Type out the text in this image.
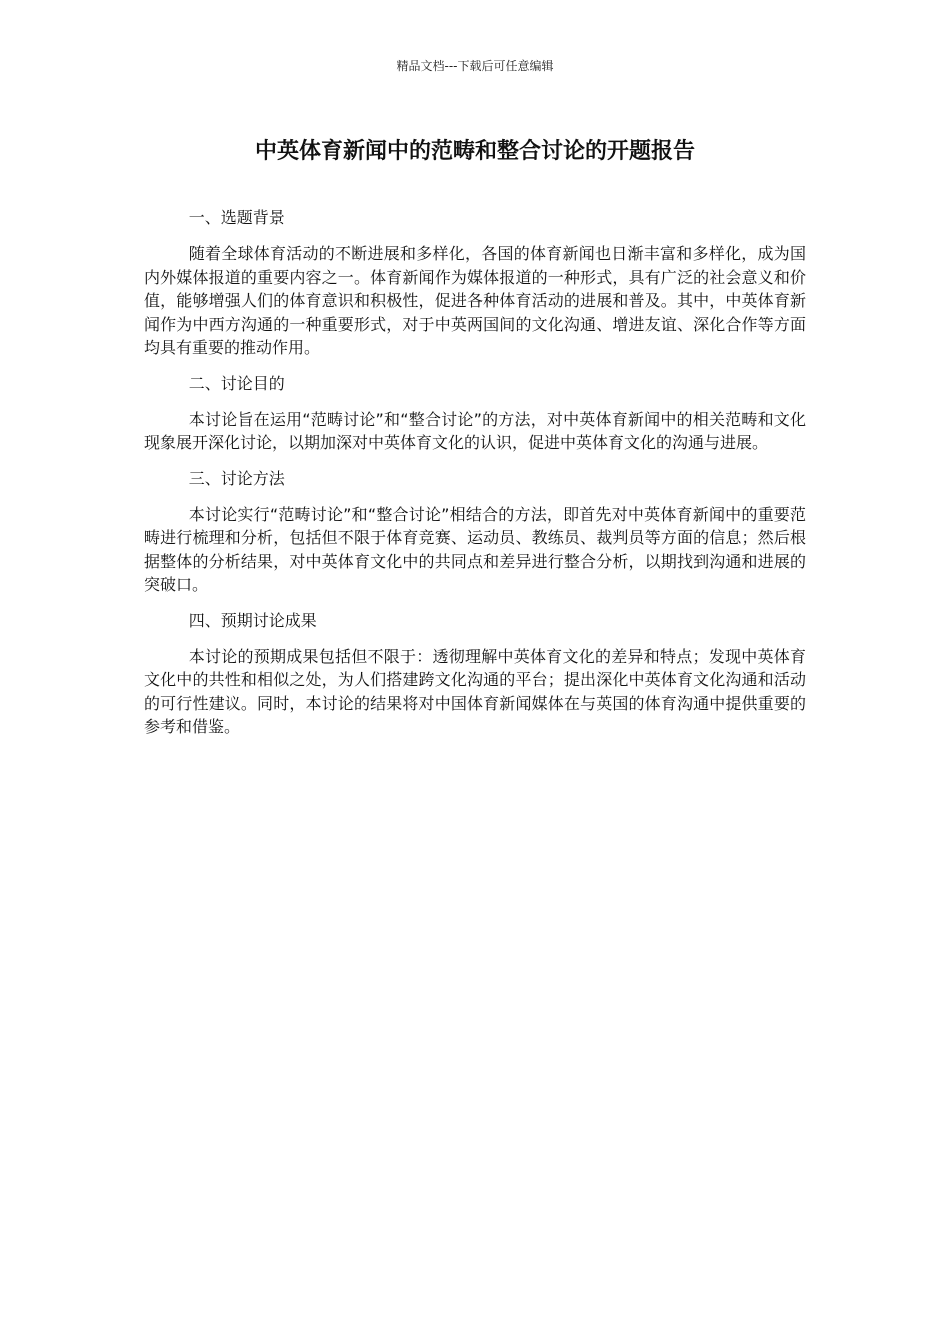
精品文档---下载后可任意编辑
中英体育新闻中的范畴和整合讨论的开题报告

一、选题背景

随着全球体育活动的不断进展和多样化，各国的体育新闻也日渐丰富和多样化，成为国内外媒体报道的重要内容之一。体育新闻作为媒体报道的一种形式，具有广泛的社会意义和价值，能够增强人们的体育意识和积极性，促进各种体育活动的进展和普及。其中，中英体育新闻作为中西方沟通的一种重要形式，对于中英两国间的文化沟通、增进友谊、深化合作等方面均具有重要的推动作用。

二、讨论目的

本讨论旨在运用“范畴讨论”和“整合讨论”的方法，对中英体育新闻中的相关范畴和文化现象展开深化讨论，以期加深对中英体育文化的认识，促进中英体育文化的沟通与进展。

三、讨论方法

本讨论实行“范畴讨论”和“整合讨论”相结合的方法，即首先对中英体育新闻中的重要范畴进行梳理和分析，包括但不限于体育竞赛、运动员、教练员、裁判员等方面的信息；然后根据整体的分析结果，对中英体育文化中的共同点和差异进行整合分析，以期找到沟通和进展的突破口。

四、预期讨论成果

本讨论的预期成果包括但不限于：透彻理解中英体育文化的差异和特点；发现中英体育文化中的共性和相似之处，为人们搭建跨文化沟通的平台；提出深化中英体育文化沟通和活动的可行性建议。同时，本讨论的结果将对中国体育新闻媒体在与英国的体育沟通中提供重要的参考和借鉴。
